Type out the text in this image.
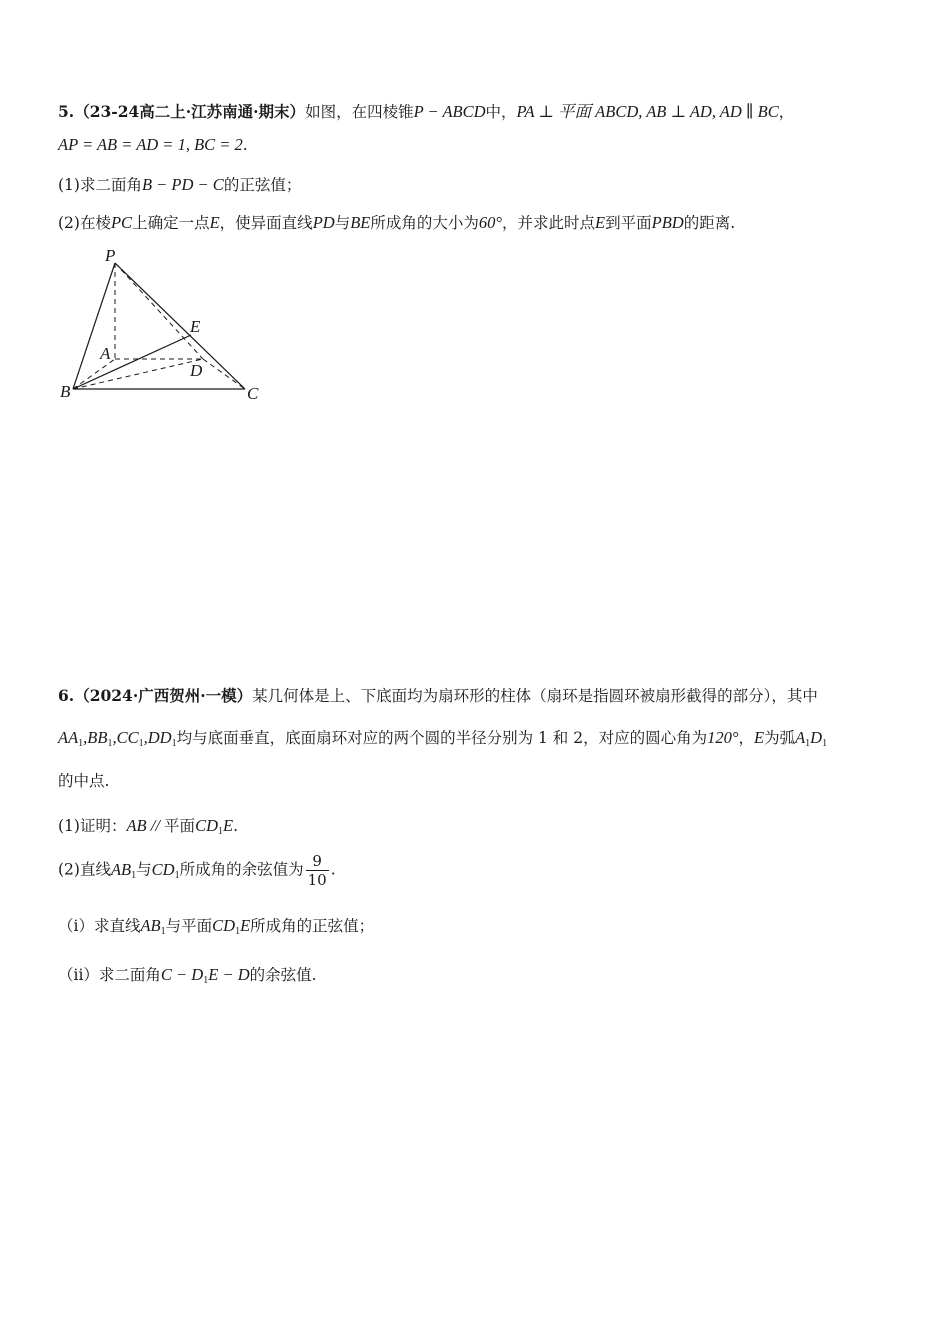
5.（23-24高二上·江苏南通·期末）如图，在四棱锥P − ABCD中，PA ⊥ 平面 ABCD, AB ⊥ AD, AD ∥ BC，
AP = AB = AD = 1, BC = 2.
(1)求二面角B − PD − C的正弦值；
(2)在棱PC上确定一点E，使异面直线PD与BE所成角的大小为60°，并求此时点E到平面PBD的距离.
P
A
B	C
D
E
6.（2024·广西贺州·一模）某几何体是上、下底面均为扇环形的柱体（扇环是指圆环被扇形截得的部分），其中
$AA_1,BB_1,CC_1,DD_1$均与底面垂直，底面扇环对应的两个圆的半径分别为 1 和 2，对应的圆心角为120°，E为弧$A_1D_1$
的中点.
(1)证明：AB // 平面$CD_1E$.
(2)直线$AB_1$与$CD_1$所成角的余弦值为 $\frac{9}{10}$ .
（i）求直线$AB_1$与平面$CD_1E$所成角的正弦值；
（ii）求二面角$C - D_1E - D$的余弦值.
